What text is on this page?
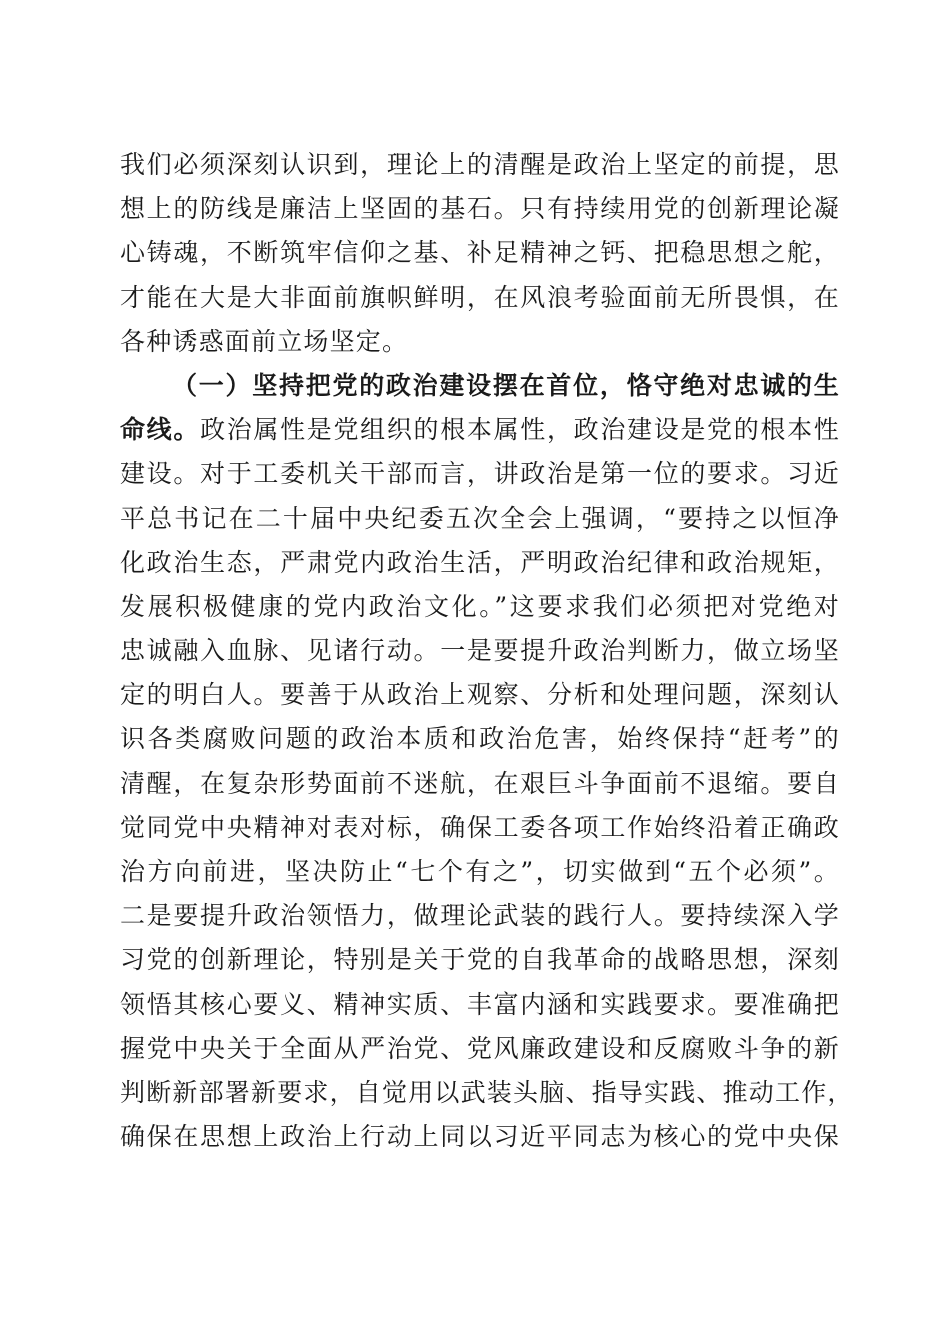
我们必须深刻认识到，理论上的清醒是政治上坚定的前提，思
想上的防线是廉洁上坚固的基石。只有持续用党的创新理论凝
心铸魂，不断筑牢信仰之基、补足精神之钙、把稳思想之舵，
才能在大是大非面前旗帜鲜明，在风浪考验面前无所畏惧，在
各种诱惑面前立场坚定。
（一）坚持把党的政治建设摆在首位，恪守绝对忠诚的生
命线。政治属性是党组织的根本属性，政治建设是党的根本性
建设。对于工委机关干部而言，讲政治是第一位的要求。习近
平总书记在二十届中央纪委五次全会上强调，“要持之以恒净
化政治生态，严肃党内政治生活，严明政治纪律和政治规矩，
发展积极健康的党内政治文化。”这要求我们必须把对党绝对
忠诚融入血脉、见诸行动。一是要提升政治判断力，做立场坚
定的明白人。要善于从政治上观察、分析和处理问题，深刻认
识各类腐败问题的政治本质和政治危害，始终保持“赶考”的
清醒，在复杂形势面前不迷航，在艰巨斗争面前不退缩。要自
觉同党中央精神对表对标，确保工委各项工作始终沿着正确政
治方向前进，坚决防止“七个有之”，切实做到“五个必须”。
二是要提升政治领悟力，做理论武装的践行人。要持续深入学
习党的创新理论，特别是关于党的自我革命的战略思想，深刻
领悟其核心要义、精神实质、丰富内涵和实践要求。要准确把
握党中央关于全面从严治党、党风廉政建设和反腐败斗争的新
判断新部署新要求，自觉用以武装头脑、指导实践、推动工作，
确保在思想上政治上行动上同以习近平同志为核心的党中央保
